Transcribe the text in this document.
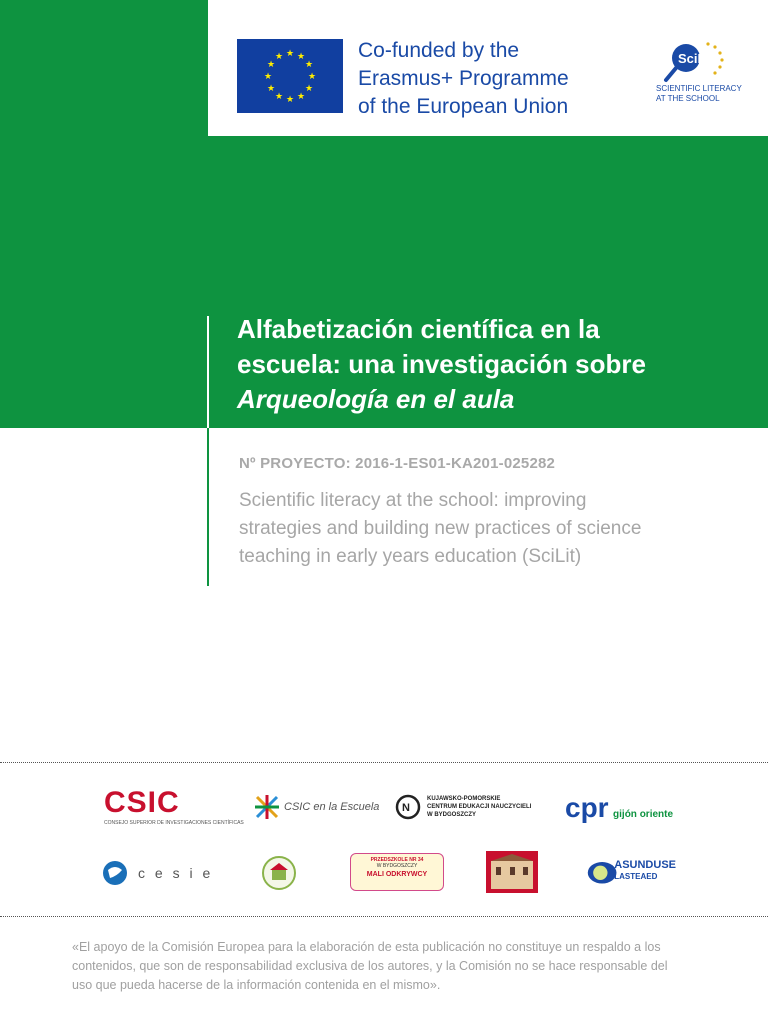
★ ★
★
★
★
★
★
★
★
★
★
★	Co-funded by the
Erasmus+ Programme
of the European Union
SciLit
SCIENTIFIC LITERACY
AT THE SCHOOL
Alfabetización científica en la
escuela: una investigación sobre
Arqueología en el aula
Nº PROYECTO: 2016-1-ES01-KA201-025282
Scientific literacy at the school: improving
strategies and building new practices of science
teaching in early years education (SciLit)
CSIC
CONSEJO SUPERIOR DE INVESTIGACIONES CIENTÍFICAS
CSIC en la Escuela N
KUJAWSKO-POMORSKIE
CENTRUM EDUKACJI NAUCZYCIELI
W BYDGOSZCZY	cpr gijón oriente
c e s i e
PRZEDSZKOLE NR 34
W BYDGOSZCZY
MALI ODKRYWCY
ASUNDUSE
LASTEAED
«El apoyo de la Comisión Europea para la elaboración de esta publicación no constituye un respaldo a los
contenidos, que son de responsabilidad exclusiva de los autores, y la Comisión no se hace responsable del
uso que pueda hacerse de la información contenida en el mismo».
